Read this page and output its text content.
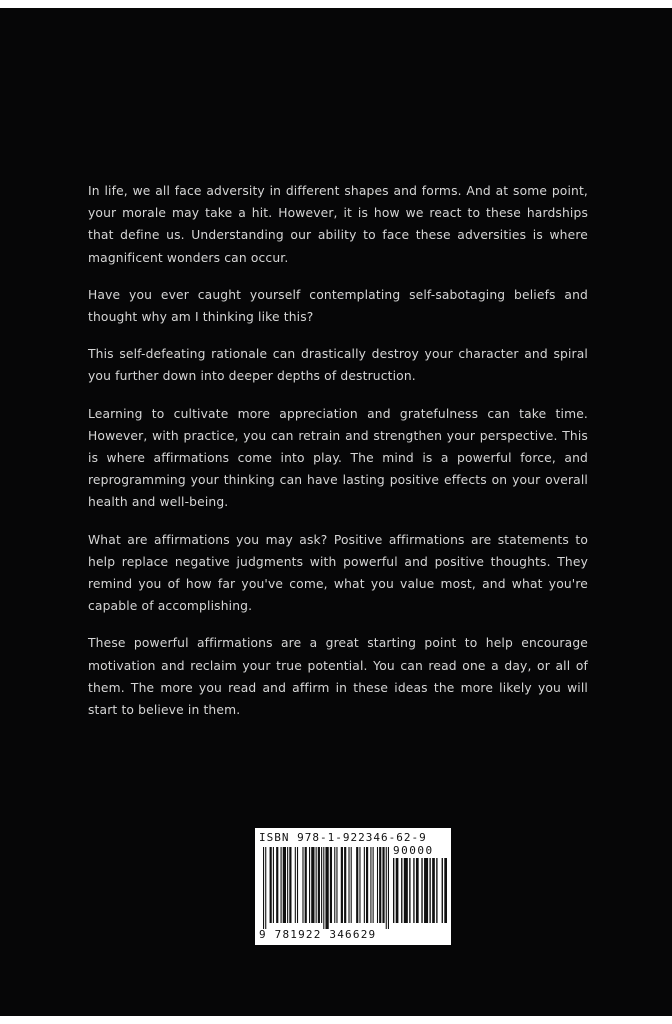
In life, we all face adversity in different shapes and forms. And at some point, your morale may take a hit. However, it is how we react to these hardships that define us. Understanding our ability to face these adversities is where magnificent wonders can occur.

Have you ever caught yourself contemplating self-sabotaging beliefs and thought why am I thinking like this?

This self-defeating rationale can drastically destroy your character and spiral you further down into deeper depths of destruction.

Learning to cultivate more appreciation and gratefulness can take time. However, with practice, you can retrain and strengthen your perspective. This is where affirmations come into play. The mind is a powerful force, and reprogramming your thinking can have lasting positive effects on your overall health and well-being.

What are affirmations you may ask? Positive affirmations are statements to help replace negative judgments with powerful and positive thoughts. They remind you of how far you've come, what you value most, and what you're capable of accomplishing.

These powerful affirmations are a great starting point to help encourage motivation and reclaim your true potential. You can read one a day, or all of them. The more you read and affirm in these ideas the more likely you will start to believe in them.

ISBN 978-1-922346-62-9
90000
9 781922 346629
